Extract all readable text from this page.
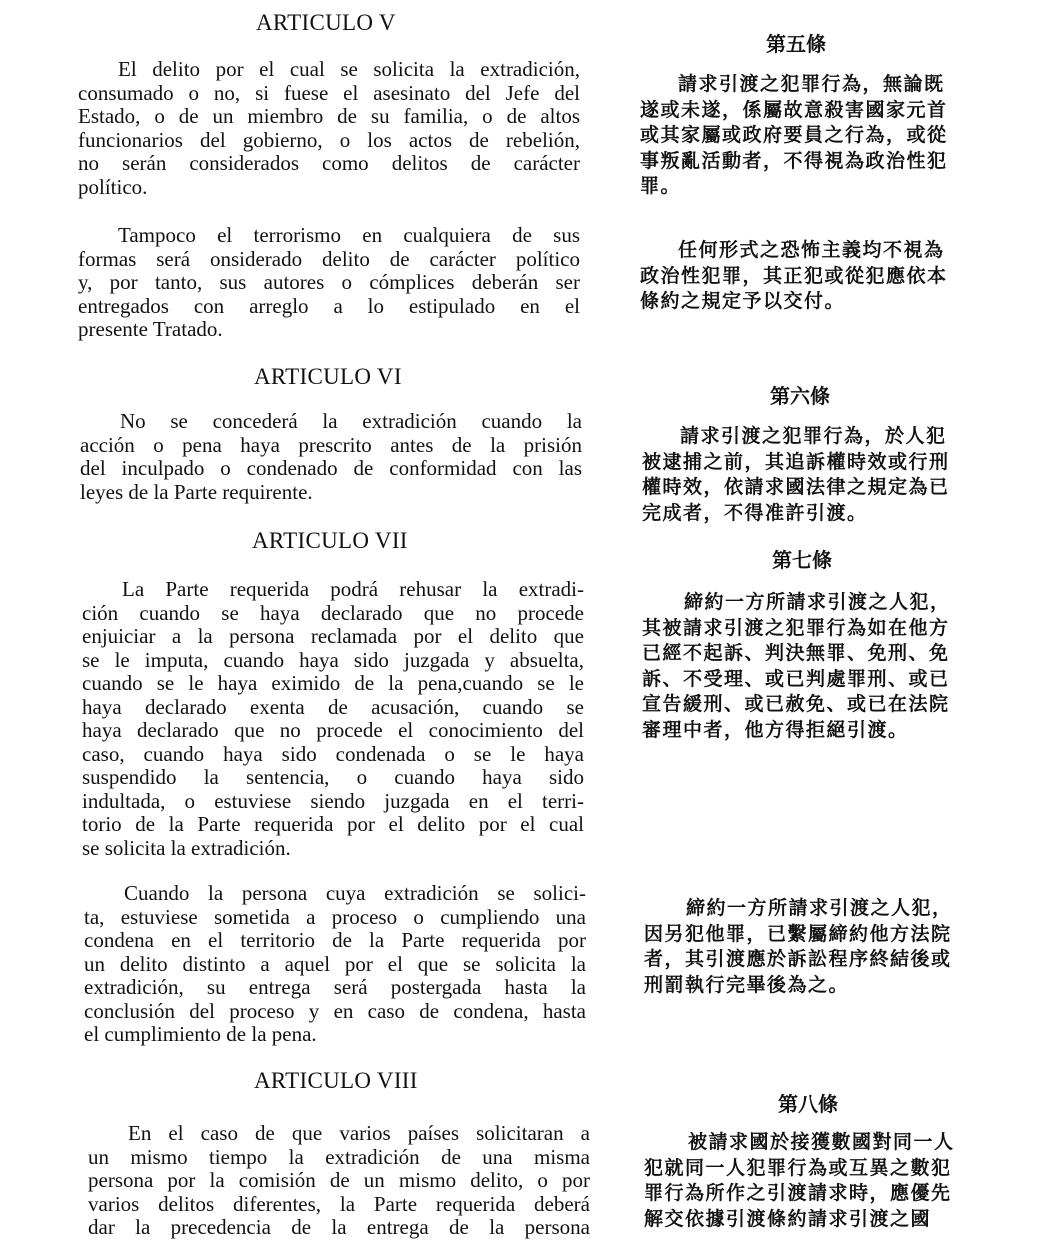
ARTICULO V
El delito por el cual se solicita la extradición,
consumado o no, si fuese el asesinato del Jefe del
Estado, o de un miembro de su familia, o de altos
funcionarios del gobierno, o los actos de rebelión,
no serán considerados como delitos de carácter
político.
Tampoco el terrorismo en cualquiera de sus
formas será onsiderado delito de carácter político
y, por tanto, sus autores o cómplices deberán ser
entregados con arreglo a lo estipulado en el
presente Tratado.
ARTICULO VI
No se concederá la extradición cuando la
acción o pena haya prescrito antes de la prisión
del inculpado o condenado de conformidad con las
leyes de la Parte requirente.
ARTICULO VII
La Parte requerida podrá rehusar la extradi-
ción cuando se haya declarado que no procede
enjuiciar a la persona reclamada por el delito que
se le imputa, cuando haya sido juzgada y absuelta,
cuando se le haya eximido de la pena,cuando se le
haya declarado exenta de acusación, cuando se
haya declarado que no procede el conocimiento del
caso, cuando haya sido condenada o se le haya
suspendido la sentencia, o cuando haya sido
indultada, o estuviese siendo juzgada en el terri-
torio de la Parte requerida por el delito por el cual
se solicita la extradición.
Cuando la persona cuya extradición se solici-
ta, estuviese sometida a proceso o cumpliendo una
condena en el territorio de la Parte requerida por
un delito distinto a aquel por el que se solicita la
extradición, su entrega será postergada hasta la
conclusión del proceso y en caso de condena, hasta
el cumplimiento de la pena.
ARTICULO VIII
En el caso de que varios países solicitaran a
un mismo tiempo la extradición de una misma
persona por la comisión de un mismo delito, o por
varios delitos diferentes, la Parte requerida deberá
dar la precedencia de la entrega de la persona
第五條
請求引渡之犯罪行為，無論既
遂或未遂，係屬故意殺害國家元首
或其家屬或政府要員之行為，或從
事叛亂活動者，不得視為政治性犯
罪。
任何形式之恐怖主義均不視為
政治性犯罪，其正犯或從犯應依本
條約之規定予以交付。
第六條
請求引渡之犯罪行為，於人犯
被逮捕之前，其追訴權時效或行刑
權時效，依請求國法律之規定為已
完成者，不得准許引渡。
第七條
締約一方所請求引渡之人犯，
其被請求引渡之犯罪行為如在他方
已經不起訴、判決無罪、免刑、免
訴、不受理、或已判處罪刑、或已
宣告緩刑、或已赦免、或已在法院
審理中者，他方得拒絕引渡。
締約一方所請求引渡之人犯，
因另犯他罪，已繫屬締約他方法院
者，其引渡應於訴訟程序終結後或
刑罰執行完畢後為之。
第八條
被請求國於接獲數國對同一人
犯就同一人犯罪行為或互異之數犯
罪行為所作之引渡請求時，應優先
解交依據引渡條約請求引渡之國
